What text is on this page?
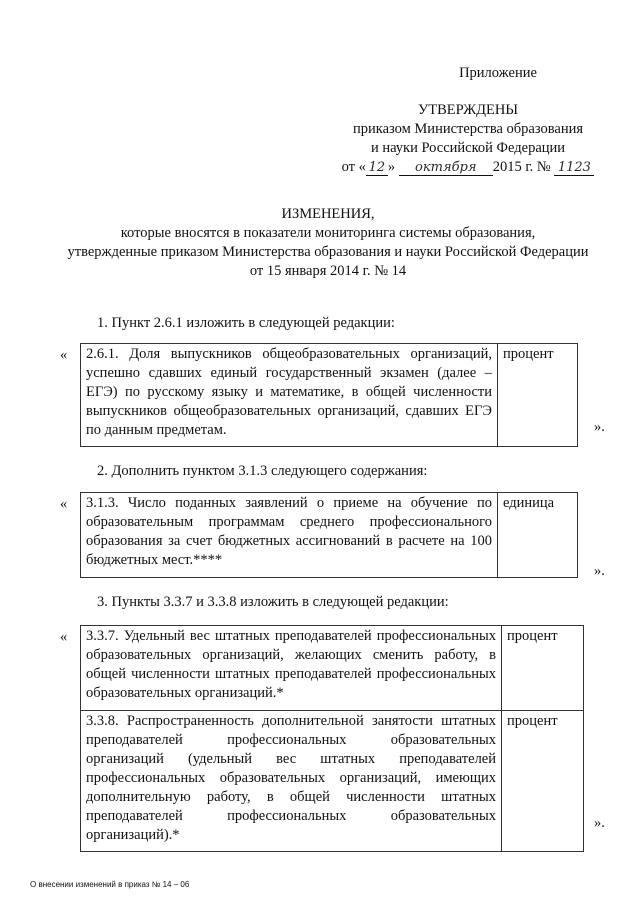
Приложение
УТВЕРЖДЕНЫ
приказом Министерства образования
и науки Российской Федерации
от « 12 » октября 2015 г. № 1123
ИЗМЕНЕНИЯ,
которые вносятся в показатели мониторинга системы образования,
утвержденные приказом Министерства образования и науки Российской Федерации
от 15 января 2014 г. № 14
1. Пункт 2.6.1 изложить в следующей редакции:
« 2.6.1. Доля выпускников общеобразовательных организаций, успешно сдавших единый государственный экзамен (далее – ЕГЭ) по русскому языку и математике, в общей численности выпускников общеобразовательных организаций, сдавших ЕГЭ по данным предметам.	процент
».
2. Дополнить пунктом 3.1.3 следующего содержания:
« 3.1.3. Число поданных заявлений о приеме на обучение по образовательным программам среднего профессионального образования за счет бюджетных ассигнований в расчете на 100 бюджетных мест.****	единица
».
3. Пункты 3.3.7 и 3.3.8 изложить в следующей редакции:
« 3.3.7. Удельный вес штатных преподавателей профессиональных образовательных организаций, желающих сменить работу, в общей численности штатных преподавателей профессиональных образовательных организаций.*	процент
3.3.8. Распространенность дополнительной занятости штатных преподавателей профессиональных образовательных организаций (удельный вес штатных преподавателей профессиональных образовательных организаций, имеющих дополнительную работу, в общей численности штатных преподавателей профессиональных образовательных организаций).*	процент
».
О внесении изменений в приказ № 14 – 06
